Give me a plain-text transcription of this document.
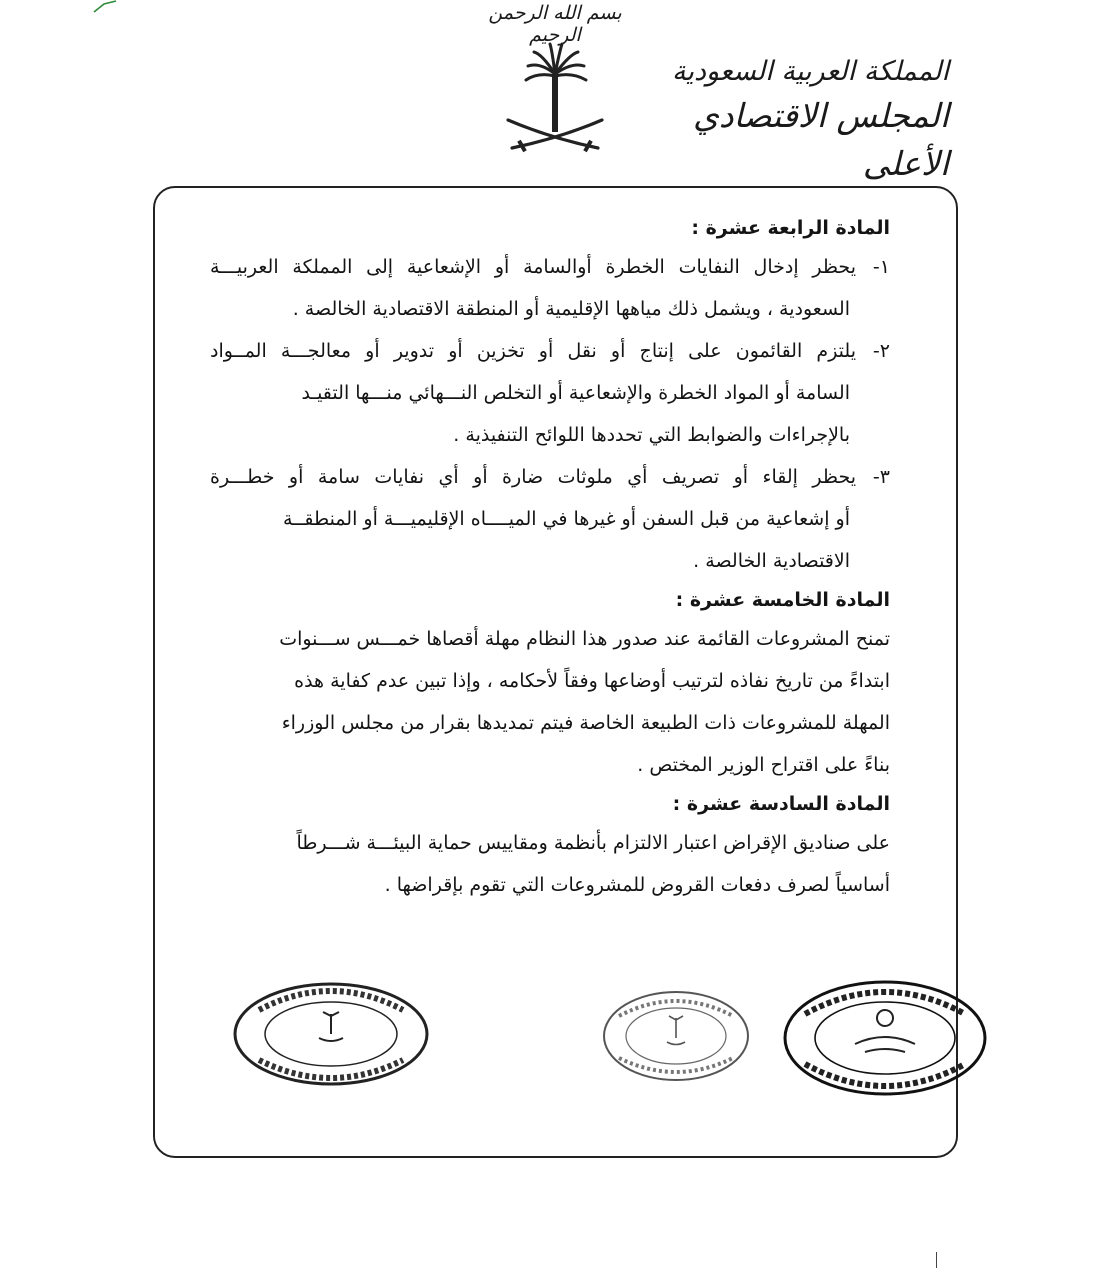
بسم الله الرحمن الرحيم
المملكة العربية السعودية
المجلس الاقتصادي الأعلى
المادة الرابعة عشرة :
١-يحظر إدخال النفايات الخطرة أوالسامة أو الإشعاعية إلى المملكة العربيـــة
السعودية ، ويشمل ذلك مياهها الإقليمية أو المنطقة الاقتصادية الخالصة .
٢-يلتزم القائمون على إنتاج أو نقل أو تخزين أو تدوير أو معالجـــة المــواد
السامة أو المواد الخطرة والإشعاعية أو التخلص النـــهائي منـــها التقيـد
بالإجراءات والضوابط التي تحددها اللوائح التنفيذية .
٣-يحظر إلقاء أو تصريف أي ملوثات ضارة أو أي نفايات سامة أو خطـــرة
أو إشعاعية من قبل السفن أو غيرها في الميــــاه الإقليميـــة أو المنطقــة
الاقتصادية الخالصة .
المادة الخامسة عشرة :
تمنح المشروعات القائمة عند صدور هذا النظام مهلة أقصاها خمـــس ســـنوات
ابتداءً من تاريخ نفاذه لترتيب أوضاعها وفقاً لأحكامه ، وإذا تبين عدم كفاية هذه
المهلة للمشروعات ذات الطبيعة الخاصة فيتم تمديدها بقرار من مجلس الوزراء
بناءً على اقتراح الوزير المختص .
المادة السادسة عشرة :
على صناديق الإقراض اعتبار الالتزام بأنظمة ومقاييس حماية البيئـــة شـــرطاً
أساسياً لصرف دفعات القروض للمشروعات التي تقوم بإقراضها .
